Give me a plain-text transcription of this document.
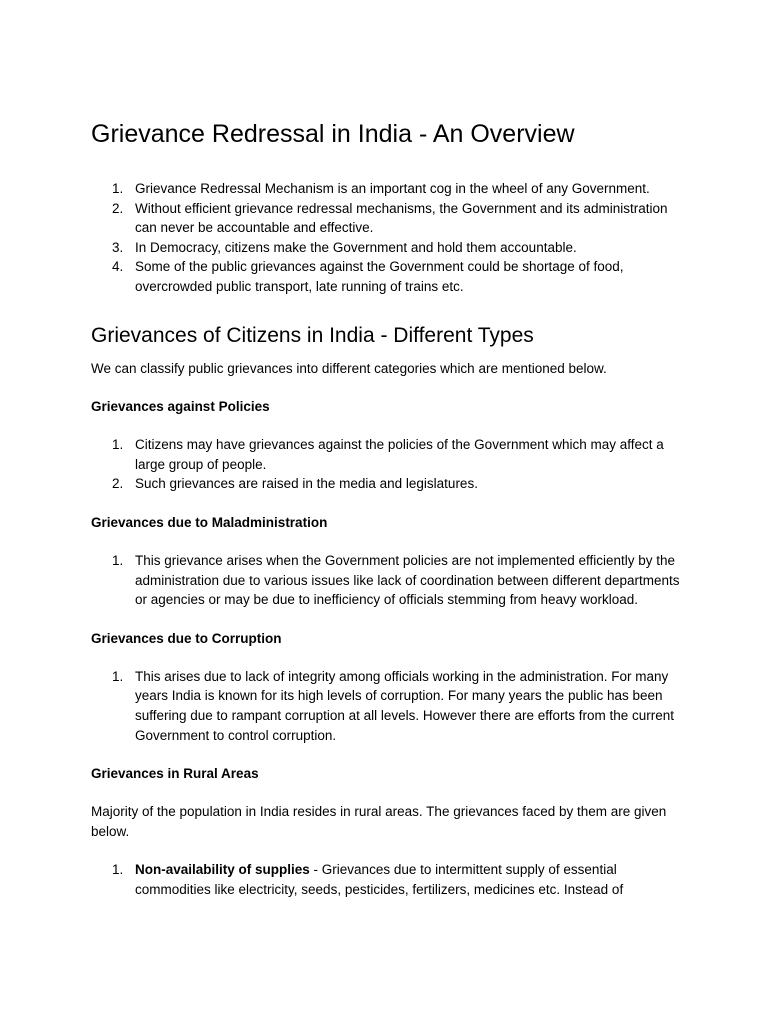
Grievance Redressal in India - An Overview
1. Grievance Redressal Mechanism is an important cog in the wheel of any Government.
2. Without efficient grievance redressal mechanisms, the Government and its administration can never be accountable and effective.
3. In Democracy, citizens make the Government and hold them accountable.
4. Some of the public grievances against the Government could be shortage of food, overcrowded public transport, late running of trains etc.
Grievances of Citizens in India - Different Types

We can classify public grievances into different categories which are mentioned below.

Grievances against Policies
1. Citizens may have grievances against the policies of the Government which may affect a large group of people.
2. Such grievances are raised in the media and legislatures.
Grievances due to Maladministration
1. This grievance arises when the Government policies are not implemented efficiently by the administration due to various issues like lack of coordination between different departments or agencies or may be due to inefficiency of officials stemming from heavy workload.
Grievances due to Corruption
1. This arises due to lack of integrity among officials working in the administration. For many years India is known for its high levels of corruption. For many years the public has been suffering due to rampant corruption at all levels. However there are efforts from the current Government to control corruption.
Grievances in Rural Areas

Majority of the population in India resides in rural areas. The grievances faced by them are given below.

1. Non-availability of supplies - Grievances due to intermittent supply of essential commodities like electricity, seeds, pesticides, fertilizers, medicines etc. Instead of
